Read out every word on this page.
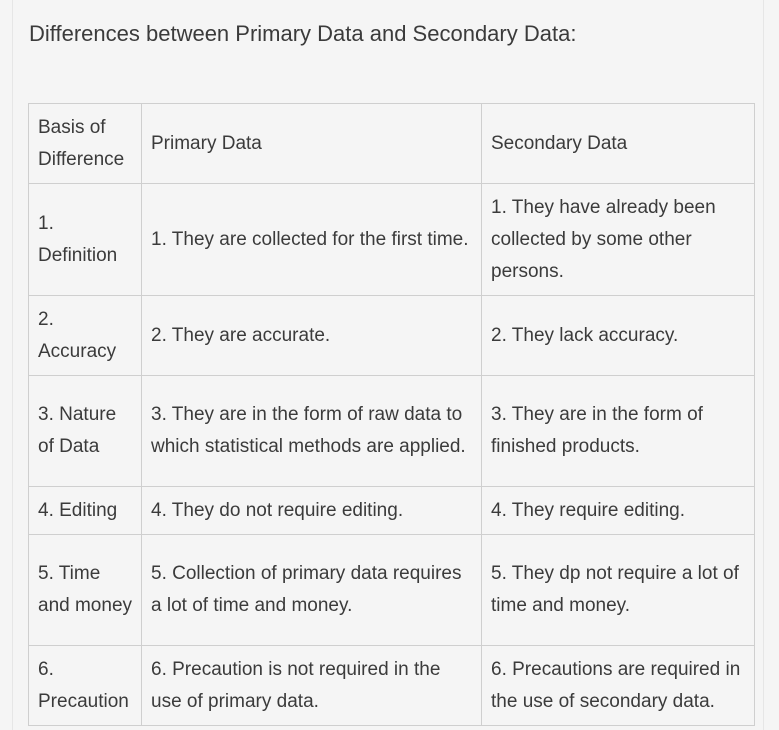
Differences between Primary Data and Secondary Data:
Basis of Difference	Primary Data	Secondary Data
1. Definition	1. They are collected for the first time.	1. They have already been collected by some other persons.
2. Accuracy	2. They are accurate.	2. They lack accuracy.
3. Nature of Data	3. They are in the form of raw data to which statistical methods are applied.	3. They are in the form of finished products.
4. Editing	4. They do not require editing.	4. They require editing.
5. Time and money	5. Collection of primary data requires a lot of time and money.	5. They dp not require a lot of time and money.
6. Precaution	6. Precaution is not required in the use of primary data.	6. Precautions are required in the use of secondary data.
